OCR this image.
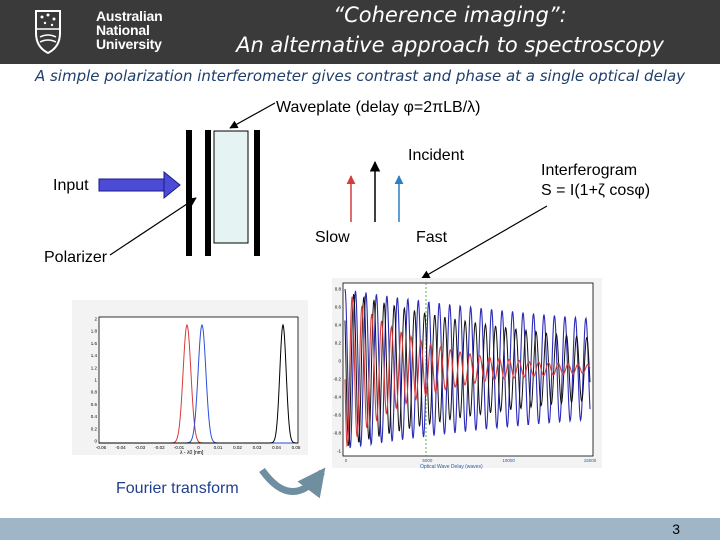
Australian
National
University
“Coherence imaging”:
An alternative approach to spectroscopy
A simple polarization interferometer gives contrast and phase at a single optical delay
2
1.8
1.6
1.4
1.2
1
0.8
0.6
0.4
0.2
0
-0.06 -0.04 -0.03 -0.02 -0.01	0	0.01 0.02 0.03 0.04 0.05
λ - λ0 [nm]
0.8
0.6
0.4
0.2
0
-0.2
-0.4
-0.6
-0.8
-1
0	5000	10000	15000
Optical Wave Delay (waves)
Waveplate (delay φ=2πLB/λ)
Incident
Interferogram
S = I(1+ζ cosφ)
Input
Polarizer
Slow	Fast
Fourier transform
3
